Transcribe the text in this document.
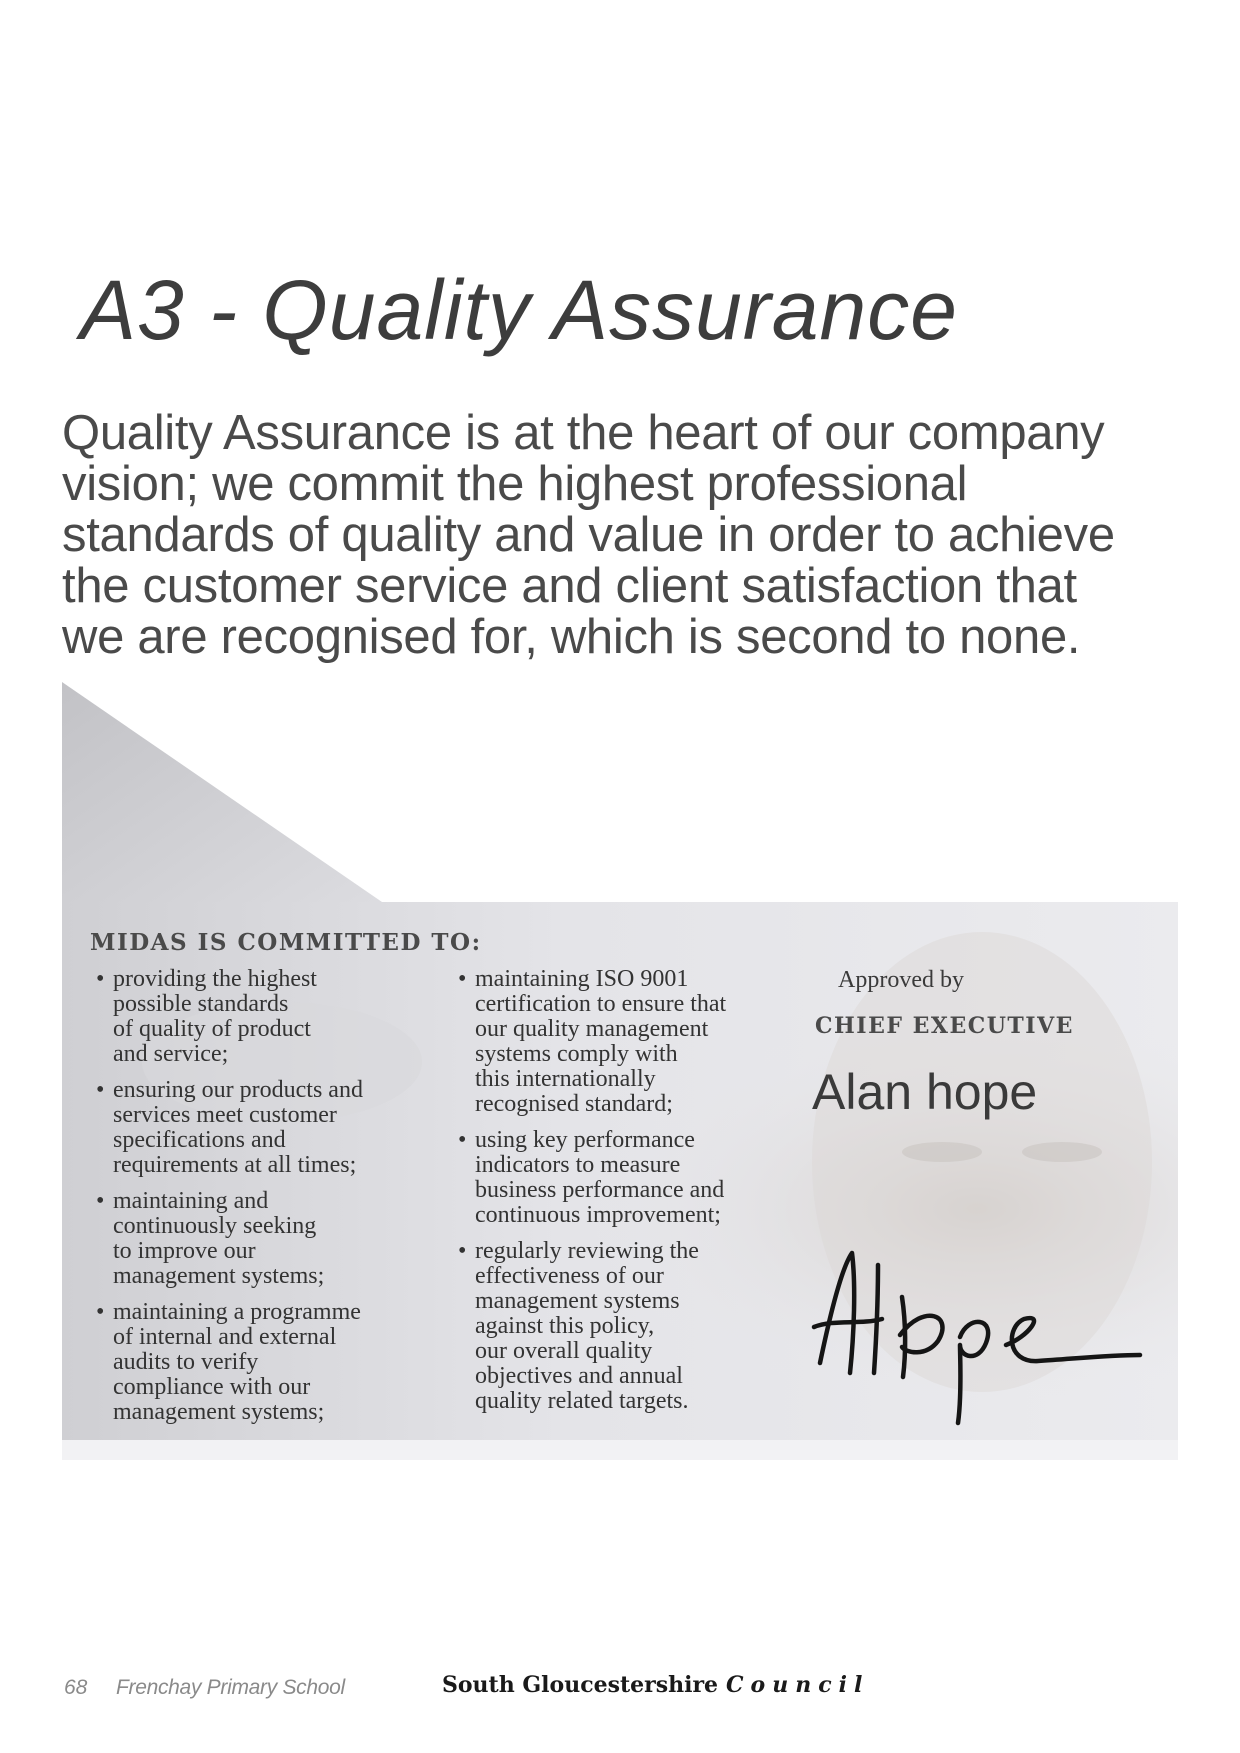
A3 - Quality Assurance
Quality Assurance is at the heart of our company
vision; we commit the highest professional
standards of quality and value in order to achieve
the customer service and client satisfaction that
we are recognised for, which is second to none.
MIDAS IS COMMITTED TO:
• providing the highest
possible standards
of quality of product
and service;
• ensuring our products and
services meet customer
specifications and
requirements at all times;
• maintaining and
continuously seeking
to improve our
management systems;
• maintaining a programme
of internal and external
audits to verify
compliance with our
management systems;
• maintaining ISO 9001
certification to ensure that
our quality management
systems comply with
this internationally
recognised standard;
• using key performance
indicators to measure
business performance and
continuous improvement;
• regularly reviewing the
effectiveness of our
management systems
against this policy,
our overall quality
objectives and annual
quality related targets.
Approved by
CHIEF EXECUTIVE
Alan hope
68 Frenchay Primary School	South Gloucestershire Council
